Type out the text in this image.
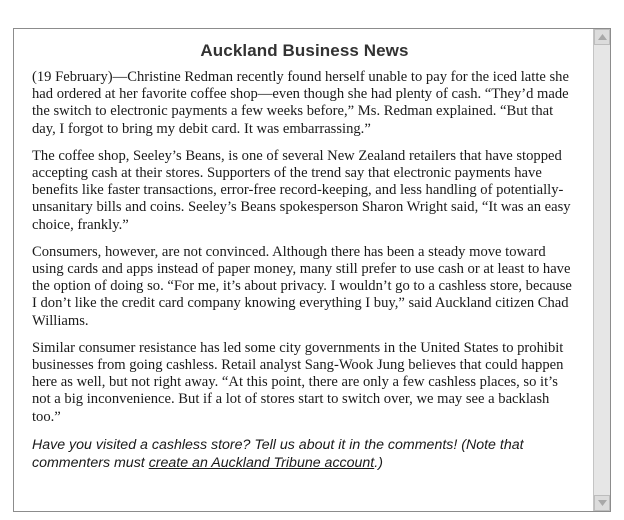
Auckland Business News

(19 February)—Christine Redman recently found herself unable to pay for the iced latte she had ordered at her favorite coffee shop—even though she had plenty of cash. “They’d made the switch to electronic payments a few weeks before,” Ms. Redman explained. “But that day, I forgot to bring my debit card. It was embarrassing.”

The coffee shop, Seeley’s Beans, is one of several New Zealand retailers that have stopped accepting cash at their stores. Supporters of the trend say that electronic payments have benefits like faster transactions, error-free record-keeping, and less handling of potentially-unsanitary bills and coins. Seeley’s Beans spokesperson Sharon Wright said, “It was an easy choice, frankly.”

Consumers, however, are not convinced. Although there has been a steady move toward using cards and apps instead of paper money, many still prefer to use cash or at least to have the option of doing so. “For me, it’s about privacy. I wouldn’t go to a cashless store, because I don’t like the credit card company knowing everything I buy,” said Auckland citizen Chad Williams.

Similar consumer resistance has led some city governments in the United States to prohibit businesses from going cashless. Retail analyst Sang-Wook Jung believes that could happen here as well, but not right away. “At this point, there are only a few cashless places, so it’s not a big inconvenience. But if a lot of stores start to switch over, we may see a backlash too.”

Have you visited a cashless store? Tell us about it in the comments! (Note that commenters must create an Auckland Tribune account.)
